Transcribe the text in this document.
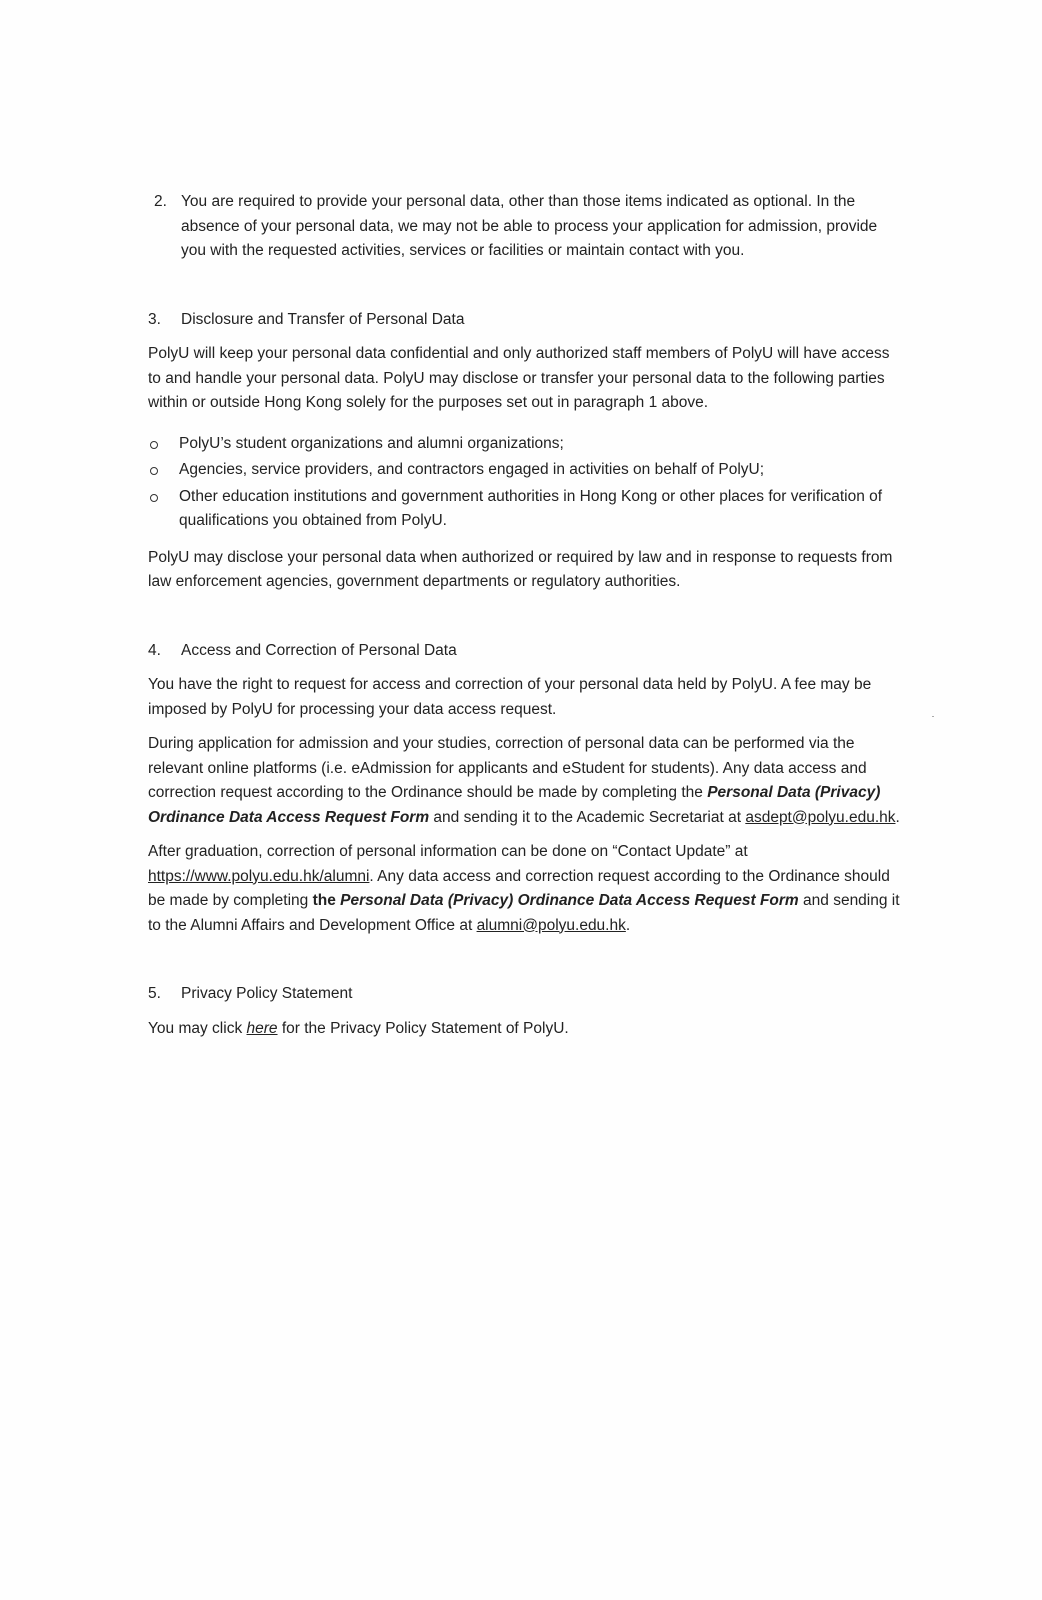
2. You are required to provide your personal data, other than those items indicated as optional. In the absence of your personal data, we may not be able to process your application for admission, provide you with the requested activities, services or facilities or maintain contact with you.

3. Disclosure and Transfer of Personal Data

PolyU will keep your personal data confidential and only authorized staff members of PolyU will have access to and handle your personal data. PolyU may disclose or transfer your personal data to the following parties within or outside Hong Kong solely for the purposes set out in paragraph 1 above.

PolyU’s student organizations and alumni organizations;
Agencies, service providers, and contractors engaged in activities on behalf of PolyU;
Other education institutions and government authorities in Hong Kong or other places for verification of qualifications you obtained from PolyU.

PolyU may disclose your personal data when authorized or required by law and in response to requests from law enforcement agencies, government departments or regulatory authorities.

4. Access and Correction of Personal Data

You have the right to request for access and correction of your personal data held by PolyU. A fee may be imposed by PolyU for processing your data access request.

During application for admission and your studies, correction of personal data can be performed via the relevant online platforms (i.e. eAdmission for applicants and eStudent for students). Any data access and correction request according to the Ordinance should be made by completing the Personal Data (Privacy) Ordinance Data Access Request Form and sending it to the Academic Secretariat at asdept@polyu.edu.hk.

After graduation, correction of personal information can be done on “Contact Update” at https://www.polyu.edu.hk/alumni. Any data access and correction request according to the Ordinance should be made by completing the Personal Data (Privacy) Ordinance Data Access Request Form and sending it to the Alumni Affairs and Development Office at alumni@polyu.edu.hk.

5. Privacy Policy Statement

You may click here for the Privacy Policy Statement of PolyU.
